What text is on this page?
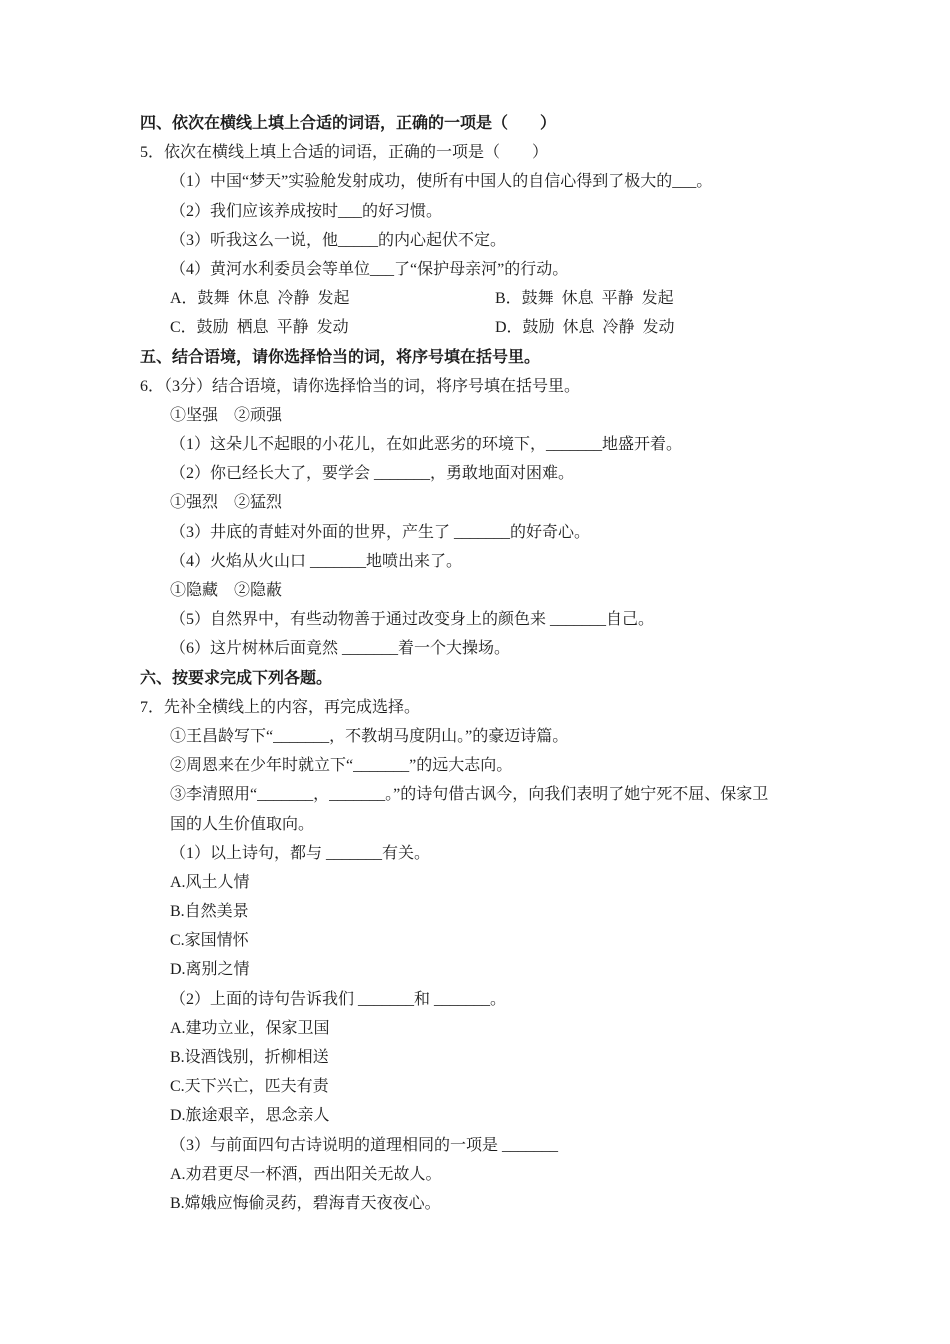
四、依次在横线上填上合适的词语，正确的一项是（　　）
5．依次在横线上填上合适的词语，正确的一项是（　　）
（1）中国“梦天”实验舱发射成功，使所有中国人的自信心得到了极大的___。
（2）我们应该养成按时___的好习惯。
（3）听我这么一说，他_____的内心起伏不定。
（4）黄河水利委员会等单位___了“保护母亲河”的行动。
A．鼓舞  休息  冷静  发起	B．鼓舞  休息  平静  发起
C．鼓励  栖息  平静  发动	D．鼓励  休息  冷静  发动
五、结合语境，请你选择恰当的词，将序号填在括号里。
6．（3分）结合语境，请你选择恰当的词，将序号填在括号里。
①坚强　②顽强
（1）这朵儿不起眼的小花儿，在如此恶劣的环境下，_______地盛开着。
（2）你已经长大了，要学会 _______，勇敢地面对困难。
①强烈　②猛烈
（3）井底的青蛙对外面的世界，产生了 _______的好奇心。
（4）火焰从火山口 _______地喷出来了。
①隐藏　②隐蔽
（5）自然界中，有些动物善于通过改变身上的颜色来 _______自己。
（6）这片树林后面竟然 _______着一个大操场。
六、按要求完成下列各题。
7．先补全横线上的内容，再完成选择。
①王昌龄写下“_______，不教胡马度阴山。”的豪迈诗篇。
②周恩来在少年时就立下“_______”的远大志向。
③李清照用“_______，_______。”的诗句借古讽今，向我们表明了她宁死不屈、保家卫
国的人生价值取向。
（1）以上诗句，都与 _______有关。
A.风土人情
B.自然美景
C.家国情怀
D.离别之情
（2）上面的诗句告诉我们 _______和 _______。
A.建功立业，保家卫国
B.设酒饯别，折柳相送
C.天下兴亡，匹夫有责
D.旅途艰辛，思念亲人
（3）与前面四句古诗说明的道理相同的一项是 _______
A.劝君更尽一杯酒，西出阳关无故人。
B.嫦娥应悔偷灵药，碧海青天夜夜心。
